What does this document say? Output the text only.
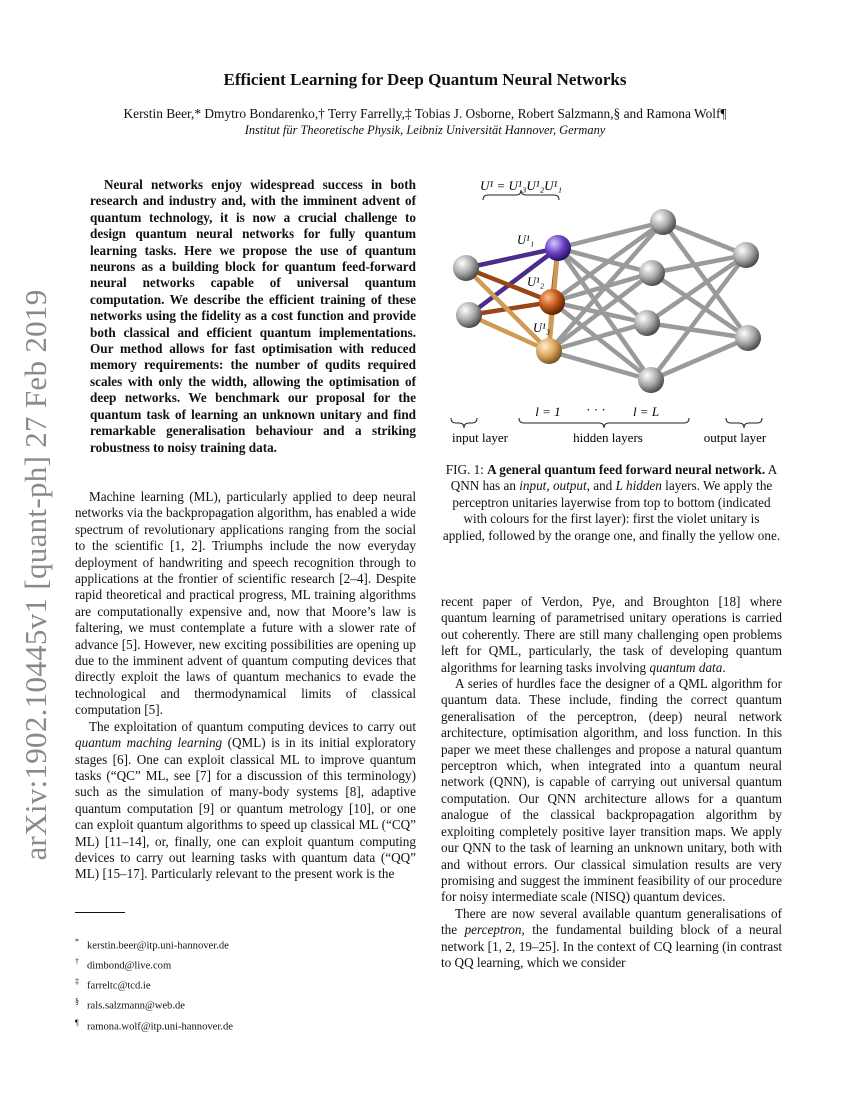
arXiv:1902.10445v1 [quant-ph] 27 Feb 2019
Efficient Learning for Deep Quantum Neural Networks
Kerstin Beer,* Dmytro Bondarenko,† Terry Farrelly,‡ Tobias J. Osborne, Robert Salzmann,§ and Ramona Wolf¶
Institut für Theoretische Physik, Leibniz Universität Hannover, Germany

Neural networks enjoy widespread success in both research and industry and, with the imminent advent of quantum technology, it is now a crucial challenge to design quantum neural networks for fully quantum learning tasks. Here we propose the use of quantum neurons as a building block for quantum feed-forward neural networks capable of universal quantum computation. We describe the efficient training of these networks using the fidelity as a cost function and provide both classical and efficient quantum implementations. Our method allows for fast optimisation with reduced memory requirements: the number of qudits required scales with only the width, allowing the optimisation of deep networks. We benchmark our proposal for the quantum task of learning an unknown unitary and find remarkable generalisation behaviour and a striking robustness to noisy training data.

Machine learning (ML), particularly applied to deep neural networks via the backpropagation algorithm, has enabled a wide spectrum of revolutionary applications ranging from the social to the scientific [1, 2]. Triumphs include the now everyday deployment of handwriting and speech recognition through to applications at the frontier of scientific research [2–4]. Despite rapid theoretical and practical progress, ML training algorithms are computationally expensive and, now that Moore’s law is faltering, we must contemplate a future with a slower rate of advance [5]. However, new exciting possibilities are opening up due to the imminent advent of quantum computing devices that directly exploit the laws of quantum mechanics to evade the technological and thermodynamical limits of classical computation [5].

The exploitation of quantum computing devices to carry out quantum maching learning (QML) is in its initial exploratory stages [6]. One can exploit classical ML to improve quantum tasks (“QC” ML, see [7] for a discussion of this terminology) such as the simulation of many-body systems [8], adaptive quantum computation [9] or quantum metrology [10], or one can exploit quantum algorithms to speed up classical ML (“CQ” ML) [11–14], or, finally, one can exploit quantum computing devices to carry out learning tasks with quantum data (“QQ” ML) [15–17]. Particularly relevant to the present work is the

* kerstin.beer@itp.uni-hannover.de
† dimbond@live.com
‡ farreltc@tcd.ie
§ rals.salzmann@web.de
¶ ramona.wolf@itp.uni-hannover.de
U¹ = U¹₃U¹₂U¹₁
U¹₁
U¹₂
U¹₃
l = 1 · · · l = L
input layer	hidden layers	output layer
FIG. 1: A general quantum feed forward neural network. A QNN has an input, output, and L hidden layers. We apply the perceptron unitaries layerwise from top to bottom (indicated with colours for the first layer): first the violet unitary is applied, followed by the orange one, and finally the yellow one.

recent paper of Verdon, Pye, and Broughton [18] where quantum learning of parametrised unitary operations is carried out coherently. There are still many challenging open problems left for QML, particularly, the task of developing quantum algorithms for learning tasks involving quantum data.

A series of hurdles face the designer of a QML algorithm for quantum data. These include, finding the correct quantum generalisation of the perceptron, (deep) neural network architecture, optimisation algorithm, and loss function. In this paper we meet these challenges and propose a natural quantum perceptron which, when integrated into a quantum neural network (QNN), is capable of carrying out universal quantum computation. Our QNN architecture allows for a quantum analogue of the classical backpropagation algorithm by exploiting completely positive layer transition maps. We apply our QNN to the task of learning an unknown unitary, both with and without errors. Our classical simulation results are very promising and suggest the imminent feasibility of our procedure for noisy intermediate scale (NISQ) quantum devices.

There are now several available quantum generalisations of the perceptron, the fundamental building block of a neural network [1, 2, 19–25]. In the context of CQ learning (in contrast to QQ learning, which we consider
